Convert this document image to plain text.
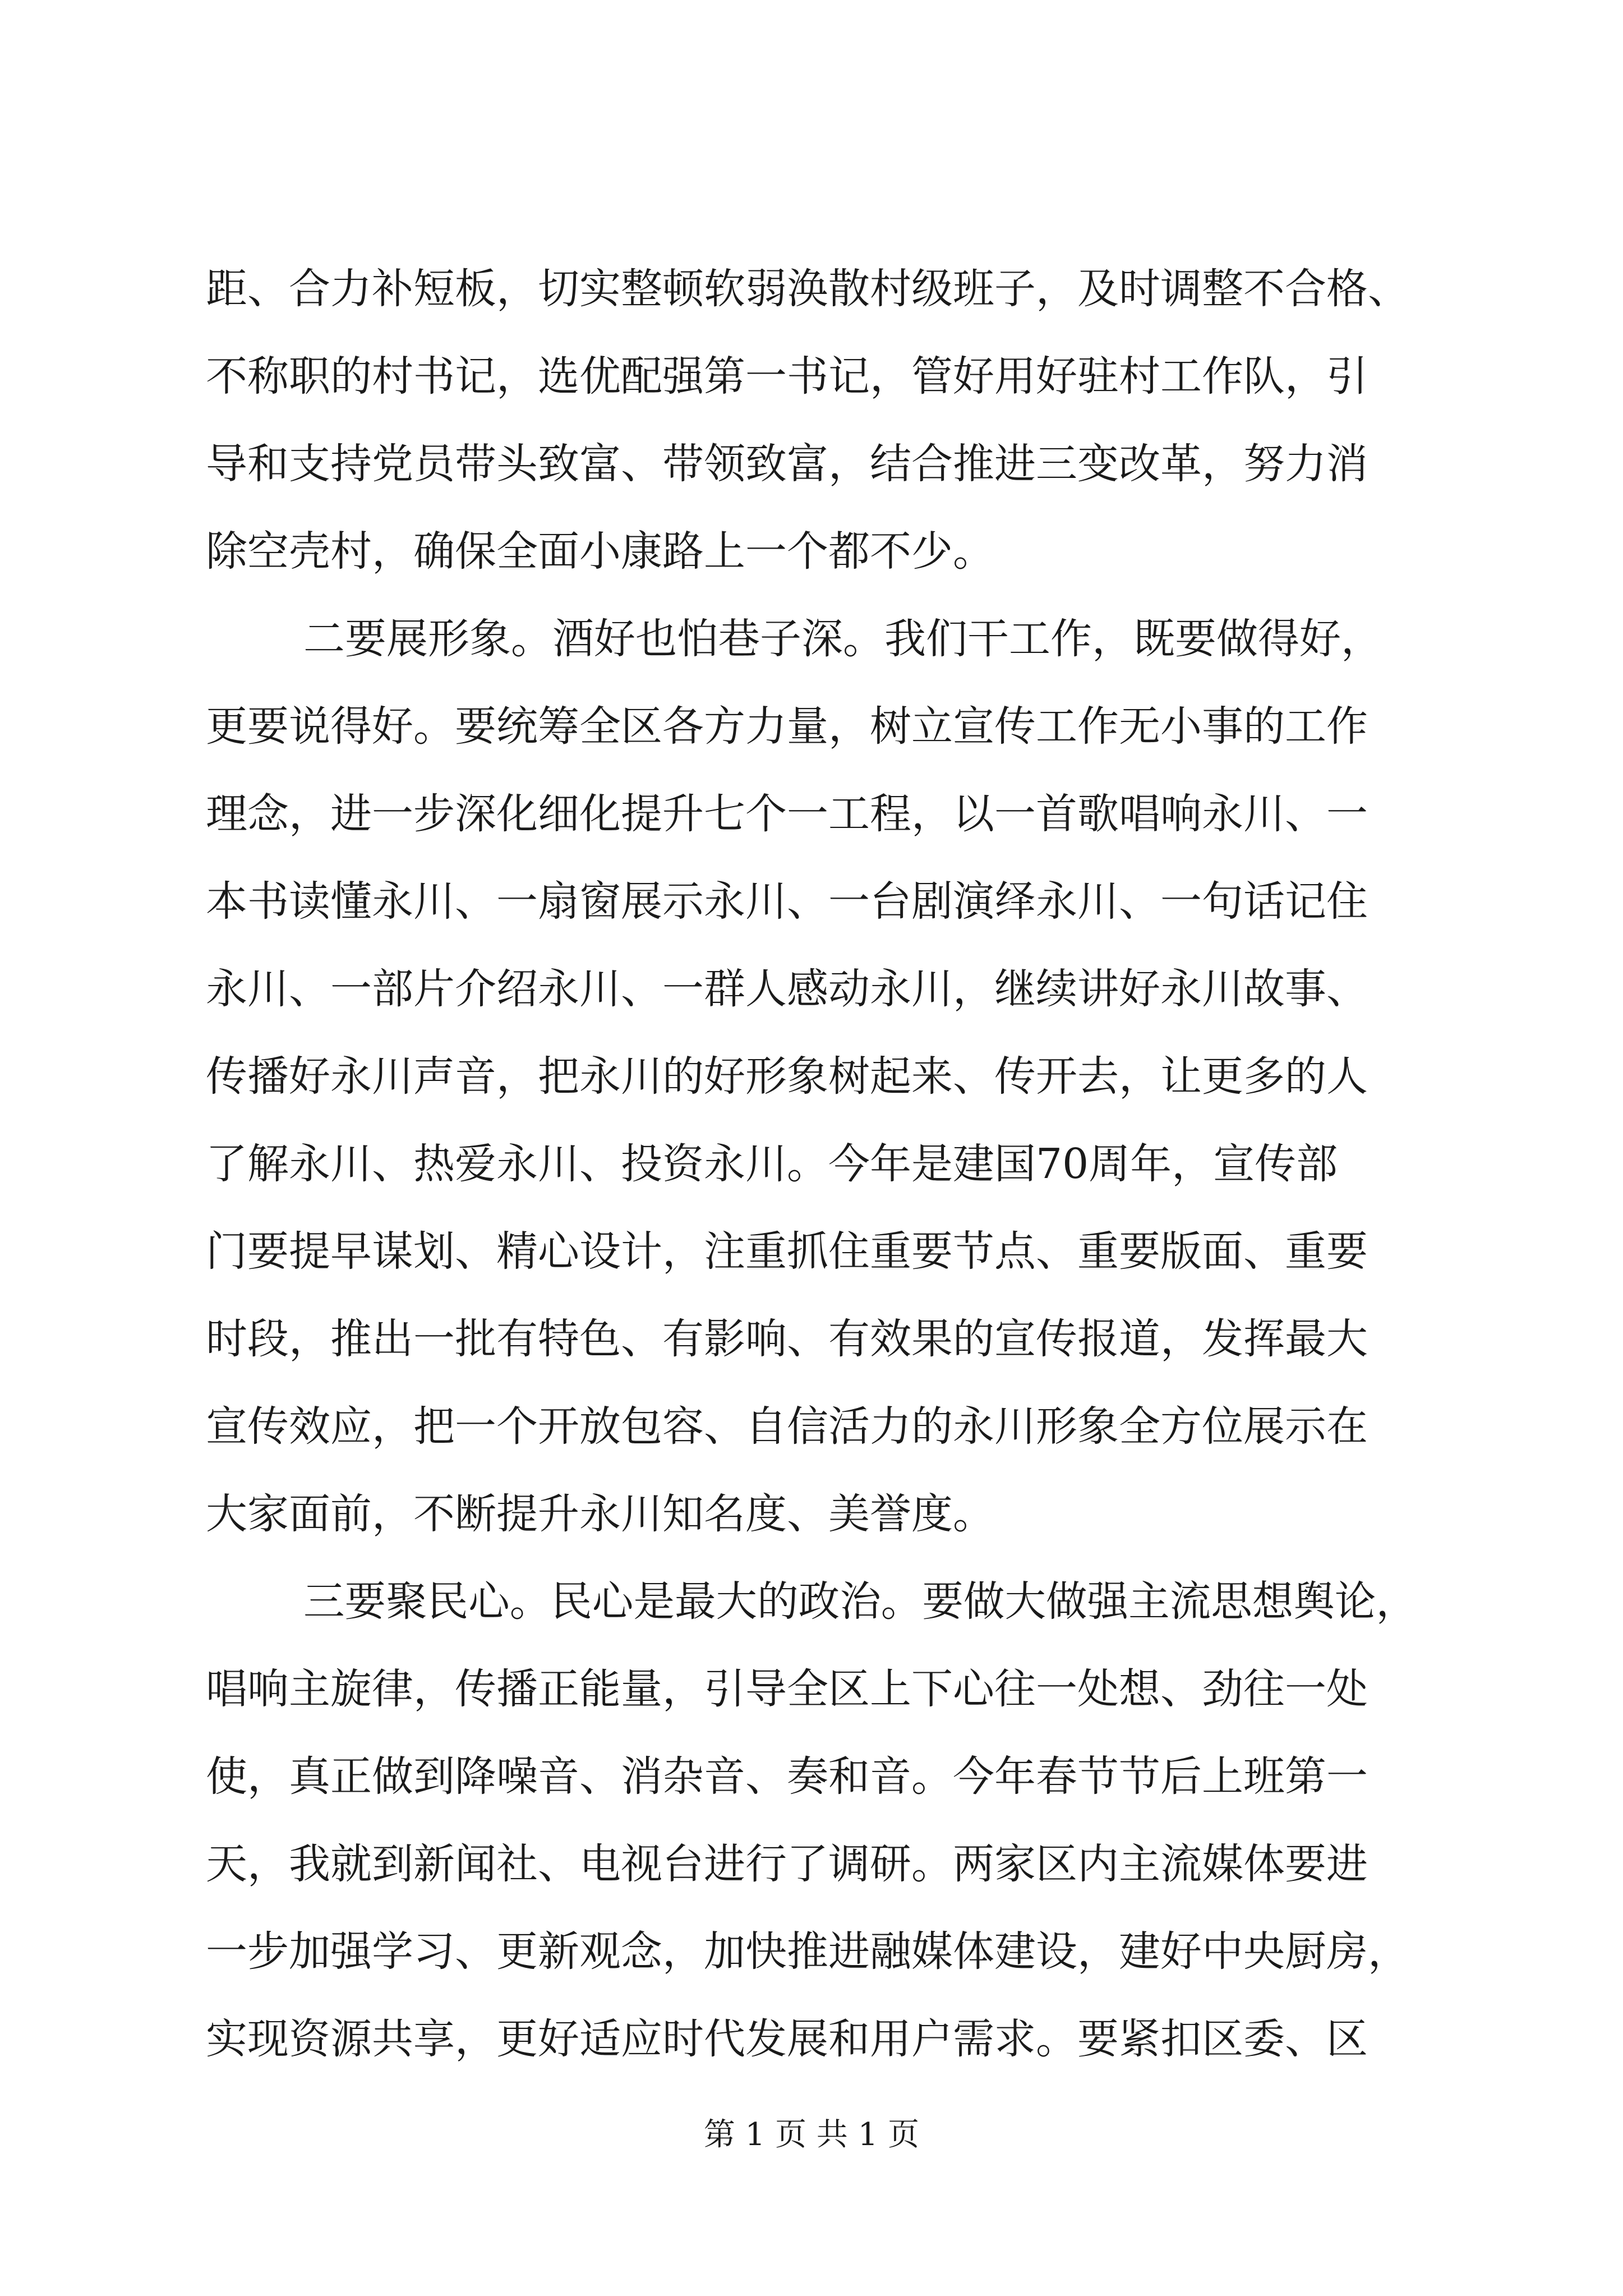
距、合力补短板，切实整顿软弱涣散村级班子，及时调整不合格、
不称职的村书记，选优配强第一书记，管好用好驻村工作队，引
导和支持党员带头致富、带领致富，结合推进三变改革，努力消
除空壳村，确保全面小康路上一个都不少。
二要展形象。酒好也怕巷子深。我们干工作，既要做得好，
更要说得好。要统筹全区各方力量，树立宣传工作无小事的工作
理念，进一步深化细化提升七个一工程，以一首歌唱响永川、一
本书读懂永川、一扇窗展示永川、一台剧演绎永川、一句话记住
永川、一部片介绍永川、一群人感动永川，继续讲好永川故事、
传播好永川声音，把永川的好形象树起来、传开去，让更多的人
了解永川、热爱永川、投资永川。今年是建国70周年，宣传部
门要提早谋划、精心设计，注重抓住重要节点、重要版面、重要
时段，推出一批有特色、有影响、有效果的宣传报道，发挥最大
宣传效应，把一个开放包容、自信活力的永川形象全方位展示在
大家面前，不断提升永川知名度、美誉度。
三要聚民心。民心是最大的政治。要做大做强主流思想舆论，
唱响主旋律，传播正能量，引导全区上下心往一处想、劲往一处
使，真正做到降噪音、消杂音、奏和音。今年春节节后上班第一
天，我就到新闻社、电视台进行了调研。两家区内主流媒体要进
一步加强学习、更新观念，加快推进融媒体建设，建好中央厨房，
实现资源共享，更好适应时代发展和用户需求。要紧扣区委、区
第 1 页 共 1 页
